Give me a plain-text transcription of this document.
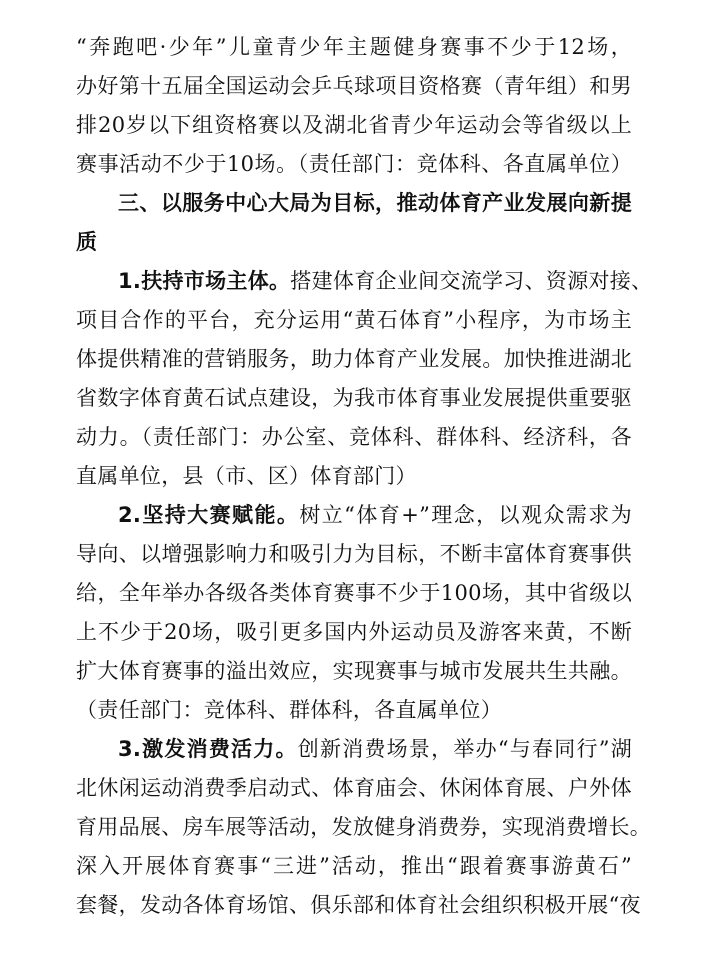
“奔跑吧·少年”儿童青少年主题健身赛事不少于12场，
办好第十五届全国运动会乒乓球项目资格赛（青年组）和男
排20岁以下组资格赛以及湖北省青少年运动会等省级以上
赛事活动不少于10场。（责任部门：竞体科、各直属单位）
三、以服务中心大局为目标，推动体育产业发展向新提
质
1.扶持市场主体。搭建体育企业间交流学习、资源对接、
项目合作的平台，充分运用“黄石体育”小程序，为市场主
体提供精准的营销服务，助力体育产业发展。加快推进湖北
省数字体育黄石试点建设，为我市体育事业发展提供重要驱
动力。（责任部门：办公室、竞体科、群体科、经济科，各
直属单位，县（市、区）体育部门）
2.坚持大赛赋能。树立“体育+”理念，以观众需求为
导向、以增强影响力和吸引力为目标，不断丰富体育赛事供
给，全年举办各级各类体育赛事不少于100场，其中省级以
上不少于20场，吸引更多国内外运动员及游客来黄，不断
扩大体育赛事的溢出效应，实现赛事与城市发展共生共融。
（责任部门：竞体科、群体科，各直属单位）
3.激发消费活力。创新消费场景，举办“与春同行”湖
北休闲运动消费季启动式、体育庙会、休闲体育展、户外体
育用品展、房车展等活动，发放健身消费券，实现消费增长。
深入开展体育赛事“三进”活动，推出“跟着赛事游黄石”
套餐，发动各体育场馆、俱乐部和体育社会组织积极开展“夜
